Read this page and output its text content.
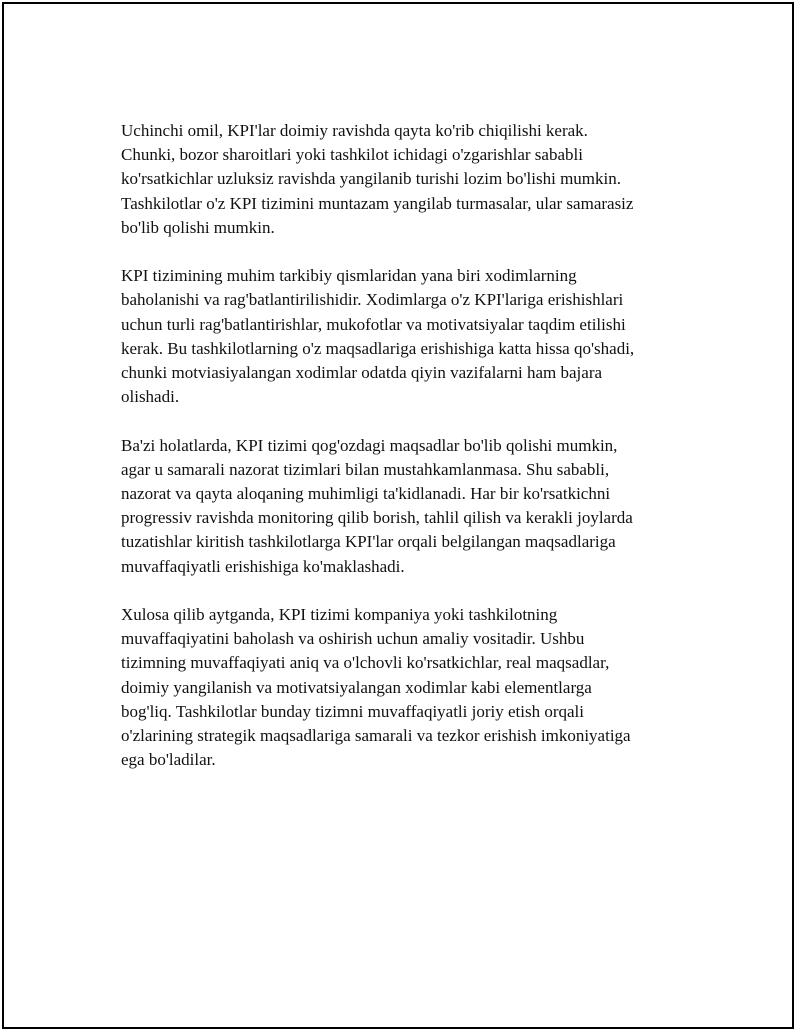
Uchinchi omil, KPI'lar doimiy ravishda qayta ko'rib chiqilishi kerak.
Chunki, bozor sharoitlari yoki tashkilot ichidagi o'zgarishlar sababli
ko'rsatkichlar uzluksiz ravishda yangilanib turishi lozim bo'lishi mumkin.
Tashkilotlar o'z KPI tizimini muntazam yangilab turmasalar, ular samarasiz
bo'lib qolishi mumkin.

KPI tizimining muhim tarkibiy qismlaridan yana biri xodimlarning
baholanishi va rag'batlantirilishidir. Xodimlarga o'z KPI'lariga erishishlari
uchun turli rag'batlantirishlar, mukofotlar va motivatsiyalar taqdim etilishi
kerak. Bu tashkilotlarning o'z maqsadlariga erishishiga katta hissa qo'shadi,
chunki motviasiyalangan xodimlar odatda qiyin vazifalarni ham bajara
olishadi.

Ba'zi holatlarda, KPI tizimi qog'ozdagi maqsadlar bo'lib qolishi mumkin,
agar u samarali nazorat tizimlari bilan mustahkamlanmasa. Shu sababli,
nazorat va qayta aloqaning muhimligi ta'kidlanadi. Har bir ko'rsatkichni
progressiv ravishda monitoring qilib borish, tahlil qilish va kerakli joylarda
tuzatishlar kiritish tashkilotlarga KPI'lar orqali belgilangan maqsadlariga
muvaffaqiyatli erishishiga ko'maklashadi.

Xulosa qilib aytganda, KPI tizimi kompaniya yoki tashkilotning
muvaffaqiyatini baholash va oshirish uchun amaliy vositadir. Ushbu
tizimning muvaffaqiyati aniq va o'lchovli ko'rsatkichlar, real maqsadlar,
doimiy yangilanish va motivatsiyalangan xodimlar kabi elementlarga
bog'liq. Tashkilotlar bunday tizimni muvaffaqiyatli joriy etish orqali
o'zlarining strategik maqsadlariga samarali va tezkor erishish imkoniyatiga
ega bo'ladilar.
